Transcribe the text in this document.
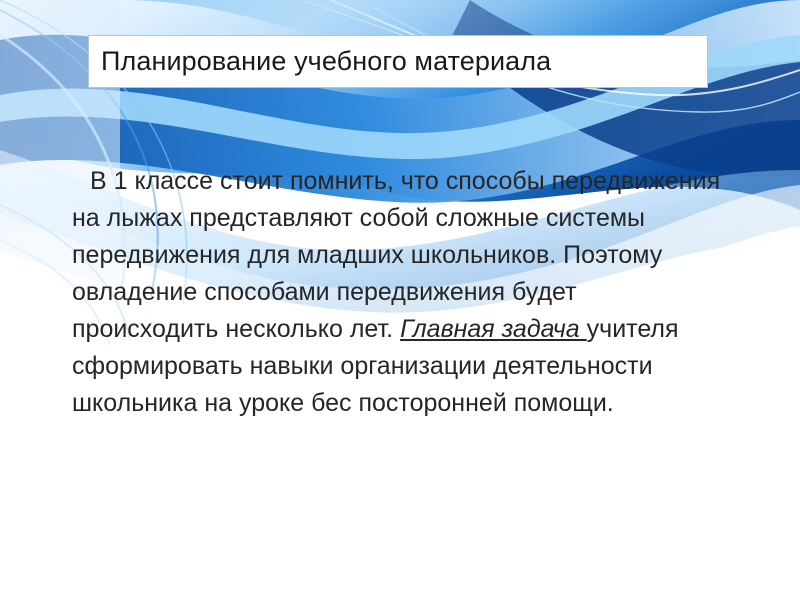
Планирование учебного материала

В 1 классе стоит помнить, что способы передвижения на лыжах представляют собой сложные системы передвижения для младших школьников. Поэтому овладение способами передвижения будет происходить несколько лет. Главная задача учителя сформировать навыки организации деятельности школьника на уроке бес посторонней помощи.
